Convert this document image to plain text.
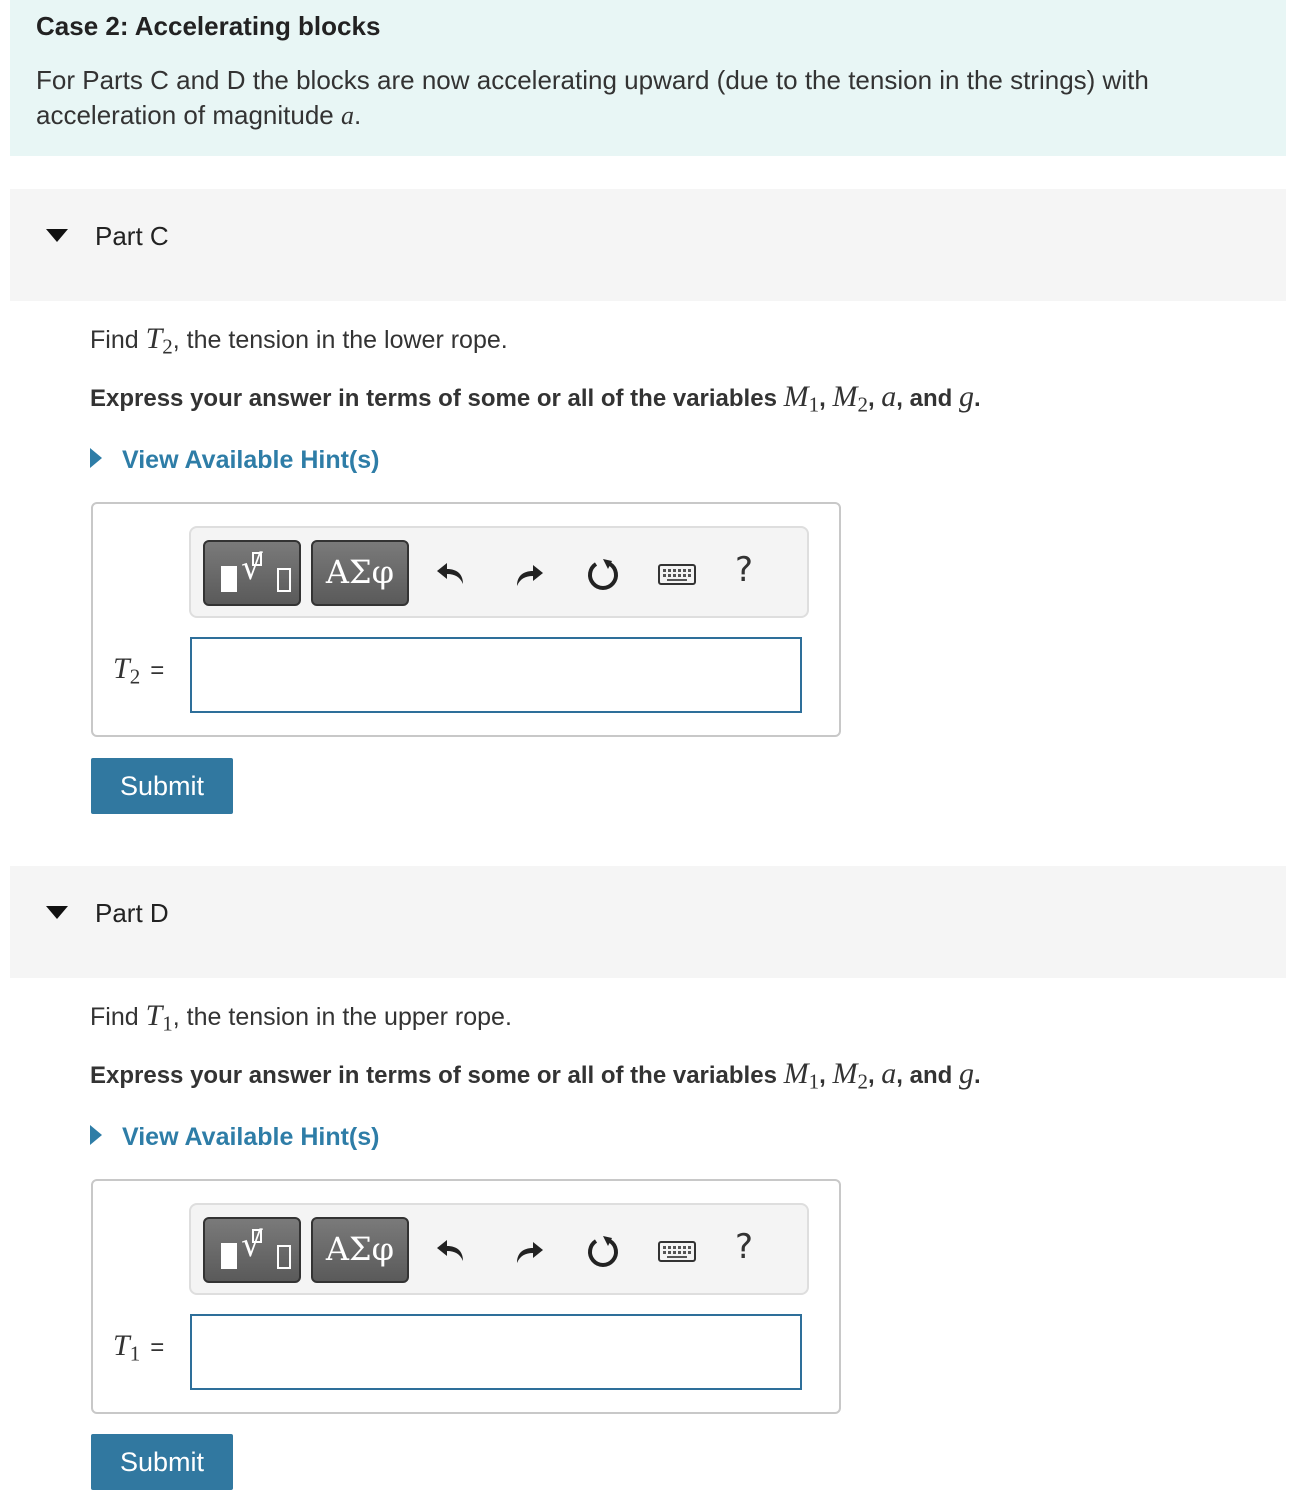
Case 2: Accelerating blocks
For Parts C and D the blocks are now accelerating upward (due to the tension in the strings) with acceleration of magnitude a.
Part C
Find $T_2$, the tension in the lower rope.
Express your answer in terms of some or all of the variables $M_1$, $M_2$, a, and g.
View Available Hint(s)
√	ΑΣφ	?
$T_2$ =
Submit
Part D
Find $T_1$, the tension in the upper rope.
Express your answer in terms of some or all of the variables $M_1$, $M_2$, a, and g.
View Available Hint(s)
√	ΑΣφ	?
$T_1$ =
Submit
